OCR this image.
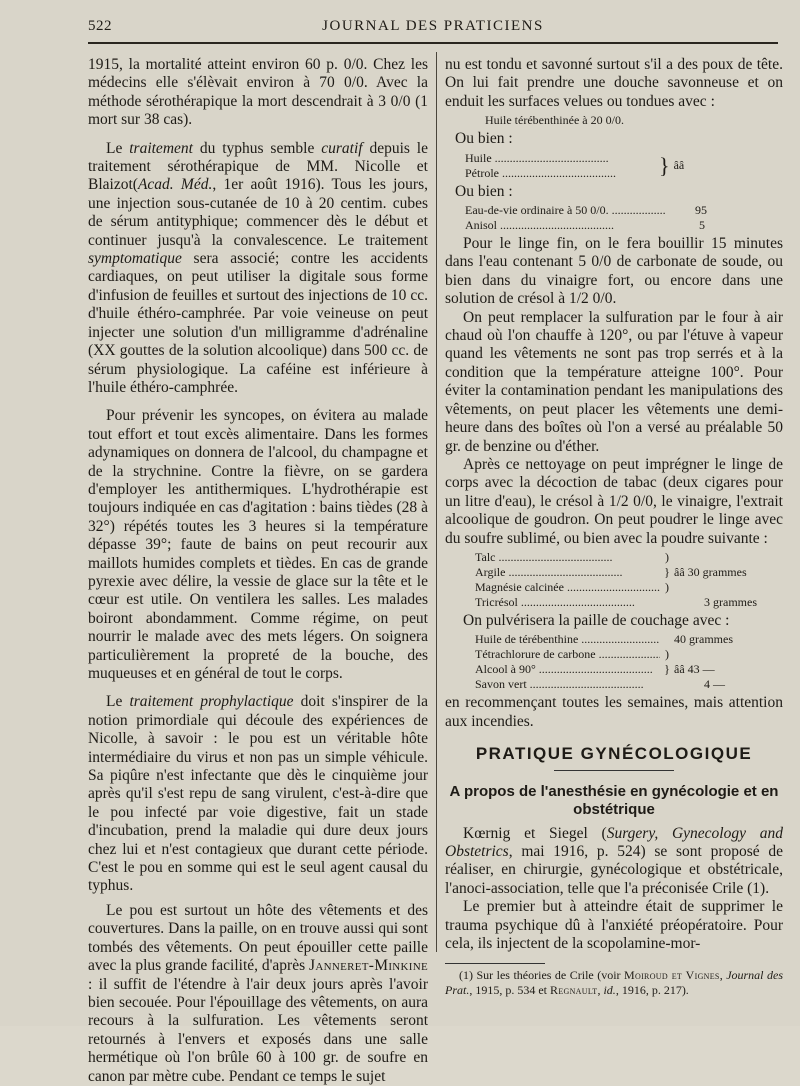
522	JOURNAL DES PRATICIENS

1915, la mortalité atteint environ 60 p. 0/0. Chez les médecins elle s'élèvait environ à 70 0/0. Avec la méthode sérothérapique la mort descendrait à 3 0/0 (1 mort sur 38 cas).

Le traitement du typhus semble curatif depuis le traitement sérothérapique de MM. Nicolle et Blaizot(Acad. Méd., 1er août 1916). Tous les jours, une injection sous-cutanée de 10 à 20 centim. cubes de sérum antityphique; commencer dès le début et continuer jusqu'à la convalescence. Le traitement symptomatique sera associé; contre les accidents cardiaques, on peut utiliser la digitale sous forme d'infusion de feuilles et surtout des injections de 10 cc. d'huile éthéro-camphrée. Par voie veineuse on peut injecter une solution d'un milligramme d'adrénaline (XX gouttes de la solution alcoolique) dans 500 cc. de sérum physiologique. La caféine est inférieure à l'huile éthéro-camphrée.

Pour prévenir les syncopes, on évitera au malade tout effort et tout excès alimentaire. Dans les formes adynamiques on donnera de l'alcool, du champagne et de la strychnine. Contre la fièvre, on se gardera d'employer les antithermiques. L'hydrothérapie est toujours indiquée en cas d'agitation : bains tièdes (28 à 32°) répétés toutes les 3 heures si la température dépasse 39°; faute de bains on peut recourir aux maillots humides complets et tièdes. En cas de grande pyrexie avec délire, la vessie de glace sur la tête et le cœur est utile. On ventilera les salles. Les malades boiront abondamment. Comme régime, on peut nourrir le malade avec des mets légers. On soignera particulièrement la propreté de la bouche, des muqueuses et en général de tout le corps.

Le traitement prophylactique doit s'inspirer de la notion primordiale qui découle des expériences de Nicolle, à savoir : le pou est un véritable hôte intermédiaire du virus et non pas un simple véhicule. Sa piqûre n'est infectante que dès le cinquième jour après qu'il s'est repu de sang virulent, c'est-à-dire que le pou infecté par voie digestive, fait un stade d'incubation, prend la maladie qui dure deux jours chez lui et n'est contagieux que durant cette période. C'est le pou en somme qui est le seul agent causal du typhus.

Le pou est surtout un hôte des vêtements et des couvertures. Dans la paille, on en trouve aussi qui sont tombés des vêtements. On peut épouiller cette paille avec la plus grande facilité, d'après Janneret-Minkine : il suffit de l'étendre à l'air deux jours après l'avoir bien secouée. Pour l'épouillage des vêtements, on aura recours à la sulfuration. Les vêtements seront retournés à l'envers et exposés dans une salle hermétique où l'on brûle 60 à 100 gr. de soufre en canon par mètre cube. Pendant ce temps le sujet

nu est tondu et savonné surtout s'il a des poux de tête. On lui fait prendre une douche savonneuse et on enduit les surfaces velues ou tondues avec :

Huile térébenthinée à 20 0/0.

Ou bien :

Huile .....
Pétrole .....	} ââ

Ou bien :

Eau-de-vie ordinaire à 50 0/0. .....	95
Anisol .....	5

Pour le linge fin, on le fera bouillir 15 minutes dans l'eau contenant 5 0/0 de carbonate de soude, ou bien dans du vinaigre fort, ou encore dans une solution de crésol à 1/2 0/0.

On peut remplacer la sulfuration par le four à air chaud où l'on chauffe à 120°, ou par l'étuve à vapeur quand les vêtements ne sont pas trop serrés et à la condition que la température atteigne 100°. Pour éviter la contamination pendant les manipulations des vêtements, on peut placer les vêtements une demi-heure dans des boîtes où l'on a versé au préalable 50 gr. de benzine ou d'éther.

Après ce nettoyage on peut imprégner le linge de corps avec la décoction de tabac (deux cigares pour un litre d'eau), le crésol à 1/2 0/0, le vinaigre, l'extrait alcoolique de goudron. On peut poudrer le linge avec du soufre sublimé, ou bien avec la poudre suivante :

Talc .....	)
Argile .....	} ââ 30 grammes
Magnésie calcinée .....	)
Tricrésol .....	3 grammes

On pulvérisera la paille de couchage avec :

Huile de térébenthine .....	40 grammes
Tétrachlorure de carbone .....	)
Alcool à 90° .....	} ââ 43 —
Savon vert .....	4 —

en recommençant toutes les semaines, mais attention aux incendies.

PRATIQUE GYNÉCOLOGIQUE
A propos de l'anesthésie en gynécologie et en obstétrique

Kœrnig et Siegel (Surgery, Gynecology and Obstetrics, mai 1916, p. 524) se sont proposé de réaliser, en chirurgie, gynécologique et obstétricale, l'anoci-association, telle que l'a préconisée Crile (1).

Le premier but à atteindre était de supprimer le trauma psychique dû à l'anxiété préopératoire. Pour cela, ils injectent de la scopolamine-mor-

(1) Sur les théories de Crile (voir Moiroud et Vignes, Journal des Prat., 1915, p. 534 et Regnault, id., 1916, p. 217).
